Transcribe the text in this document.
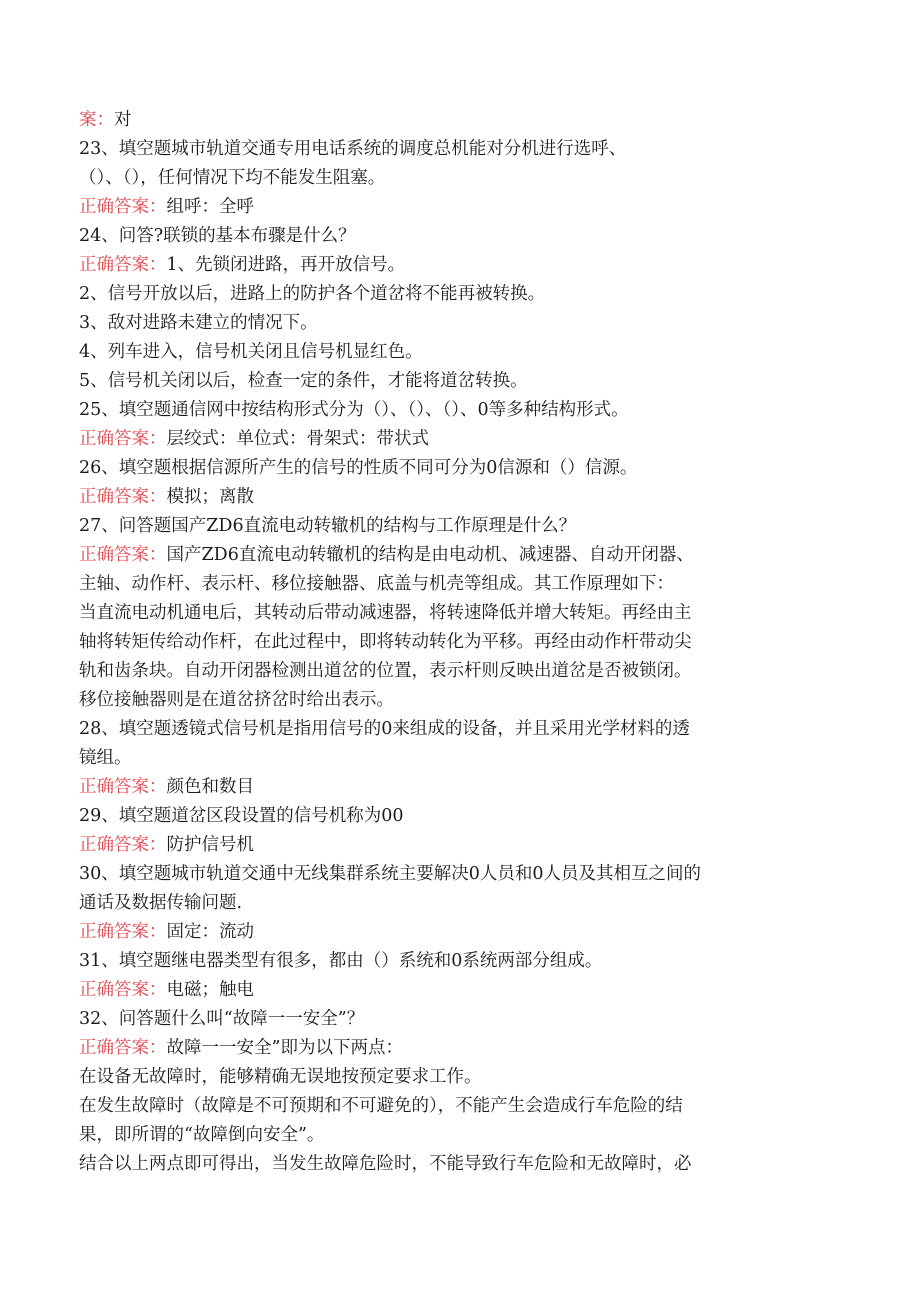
案：对
23、填空题城市轨道交通专用电话系统的调度总机能对分机进行选呼、
（）、（），任何情况下均不能发生阻塞。
正确答案：组呼：全呼
24、问答?联锁的基本布骤是什么？
正确答案：1、先锁闭进路，再开放信号。
2、信号开放以后，进路上的防护各个道岔将不能再被转换。
3、敌对进路未建立的情况下。
4、列车进入，信号机关闭且信号机显红色。
5、信号机关闭以后，检查一定的条件，才能将道岔转换。
25、填空题通信网中按结构形式分为（）、（）、（）、0等多种结构形式。
正确答案：层绞式：单位式：骨架式：带状式
26、填空题根据信源所产生的信号的性质不同可分为0信源和（）信源。
正确答案：模拟；离散
27、问答题国产ZD6直流电动转辙机的结构与工作原理是什么？
正确答案：国产ZD6直流电动转辙机的结构是由电动机、减速器、自动开闭器、
主轴、动作杆、表示杆、移位接触器、底盖与机壳等组成。其工作原理如下：
当直流电动机通电后，其转动后带动减速器，将转速降低并增大转矩。再经由主
轴将转矩传给动作杆，在此过程中，即将转动转化为平移。再经由动作杆带动尖
轨和齿条块。自动开闭器检测出道岔的位置，表示杆则反映出道岔是否被锁闭。
移位接触器则是在道岔挤岔时给出表示。
28、填空题透镜式信号机是指用信号的0来组成的设备，并且采用光学材料的透
镜组。
正确答案：颜色和数目
29、填空题道岔区段设置的信号机称为00
正确答案：防护信号机
30、填空题城市轨道交通中无线集群系统主要解决0人员和0人员及其相互之间的
通话及数据传输问题.
正确答案：固定：流动
31、填空题继电器类型有很多，都由（）系统和0系统两部分组成。
正确答案：电磁；触电
32、问答题什么叫“故障一一安全”？
正确答案：故障一一安全”即为以下两点：
在设备无故障时，能够精确无误地按预定要求工作。
在发生故障时（故障是不可预期和不可避免的），不能产生会造成行车危险的结
果，即所谓的“故障倒向安全”。
结合以上两点即可得出，当发生故障危险时，不能导致行车危险和无故障时，必
